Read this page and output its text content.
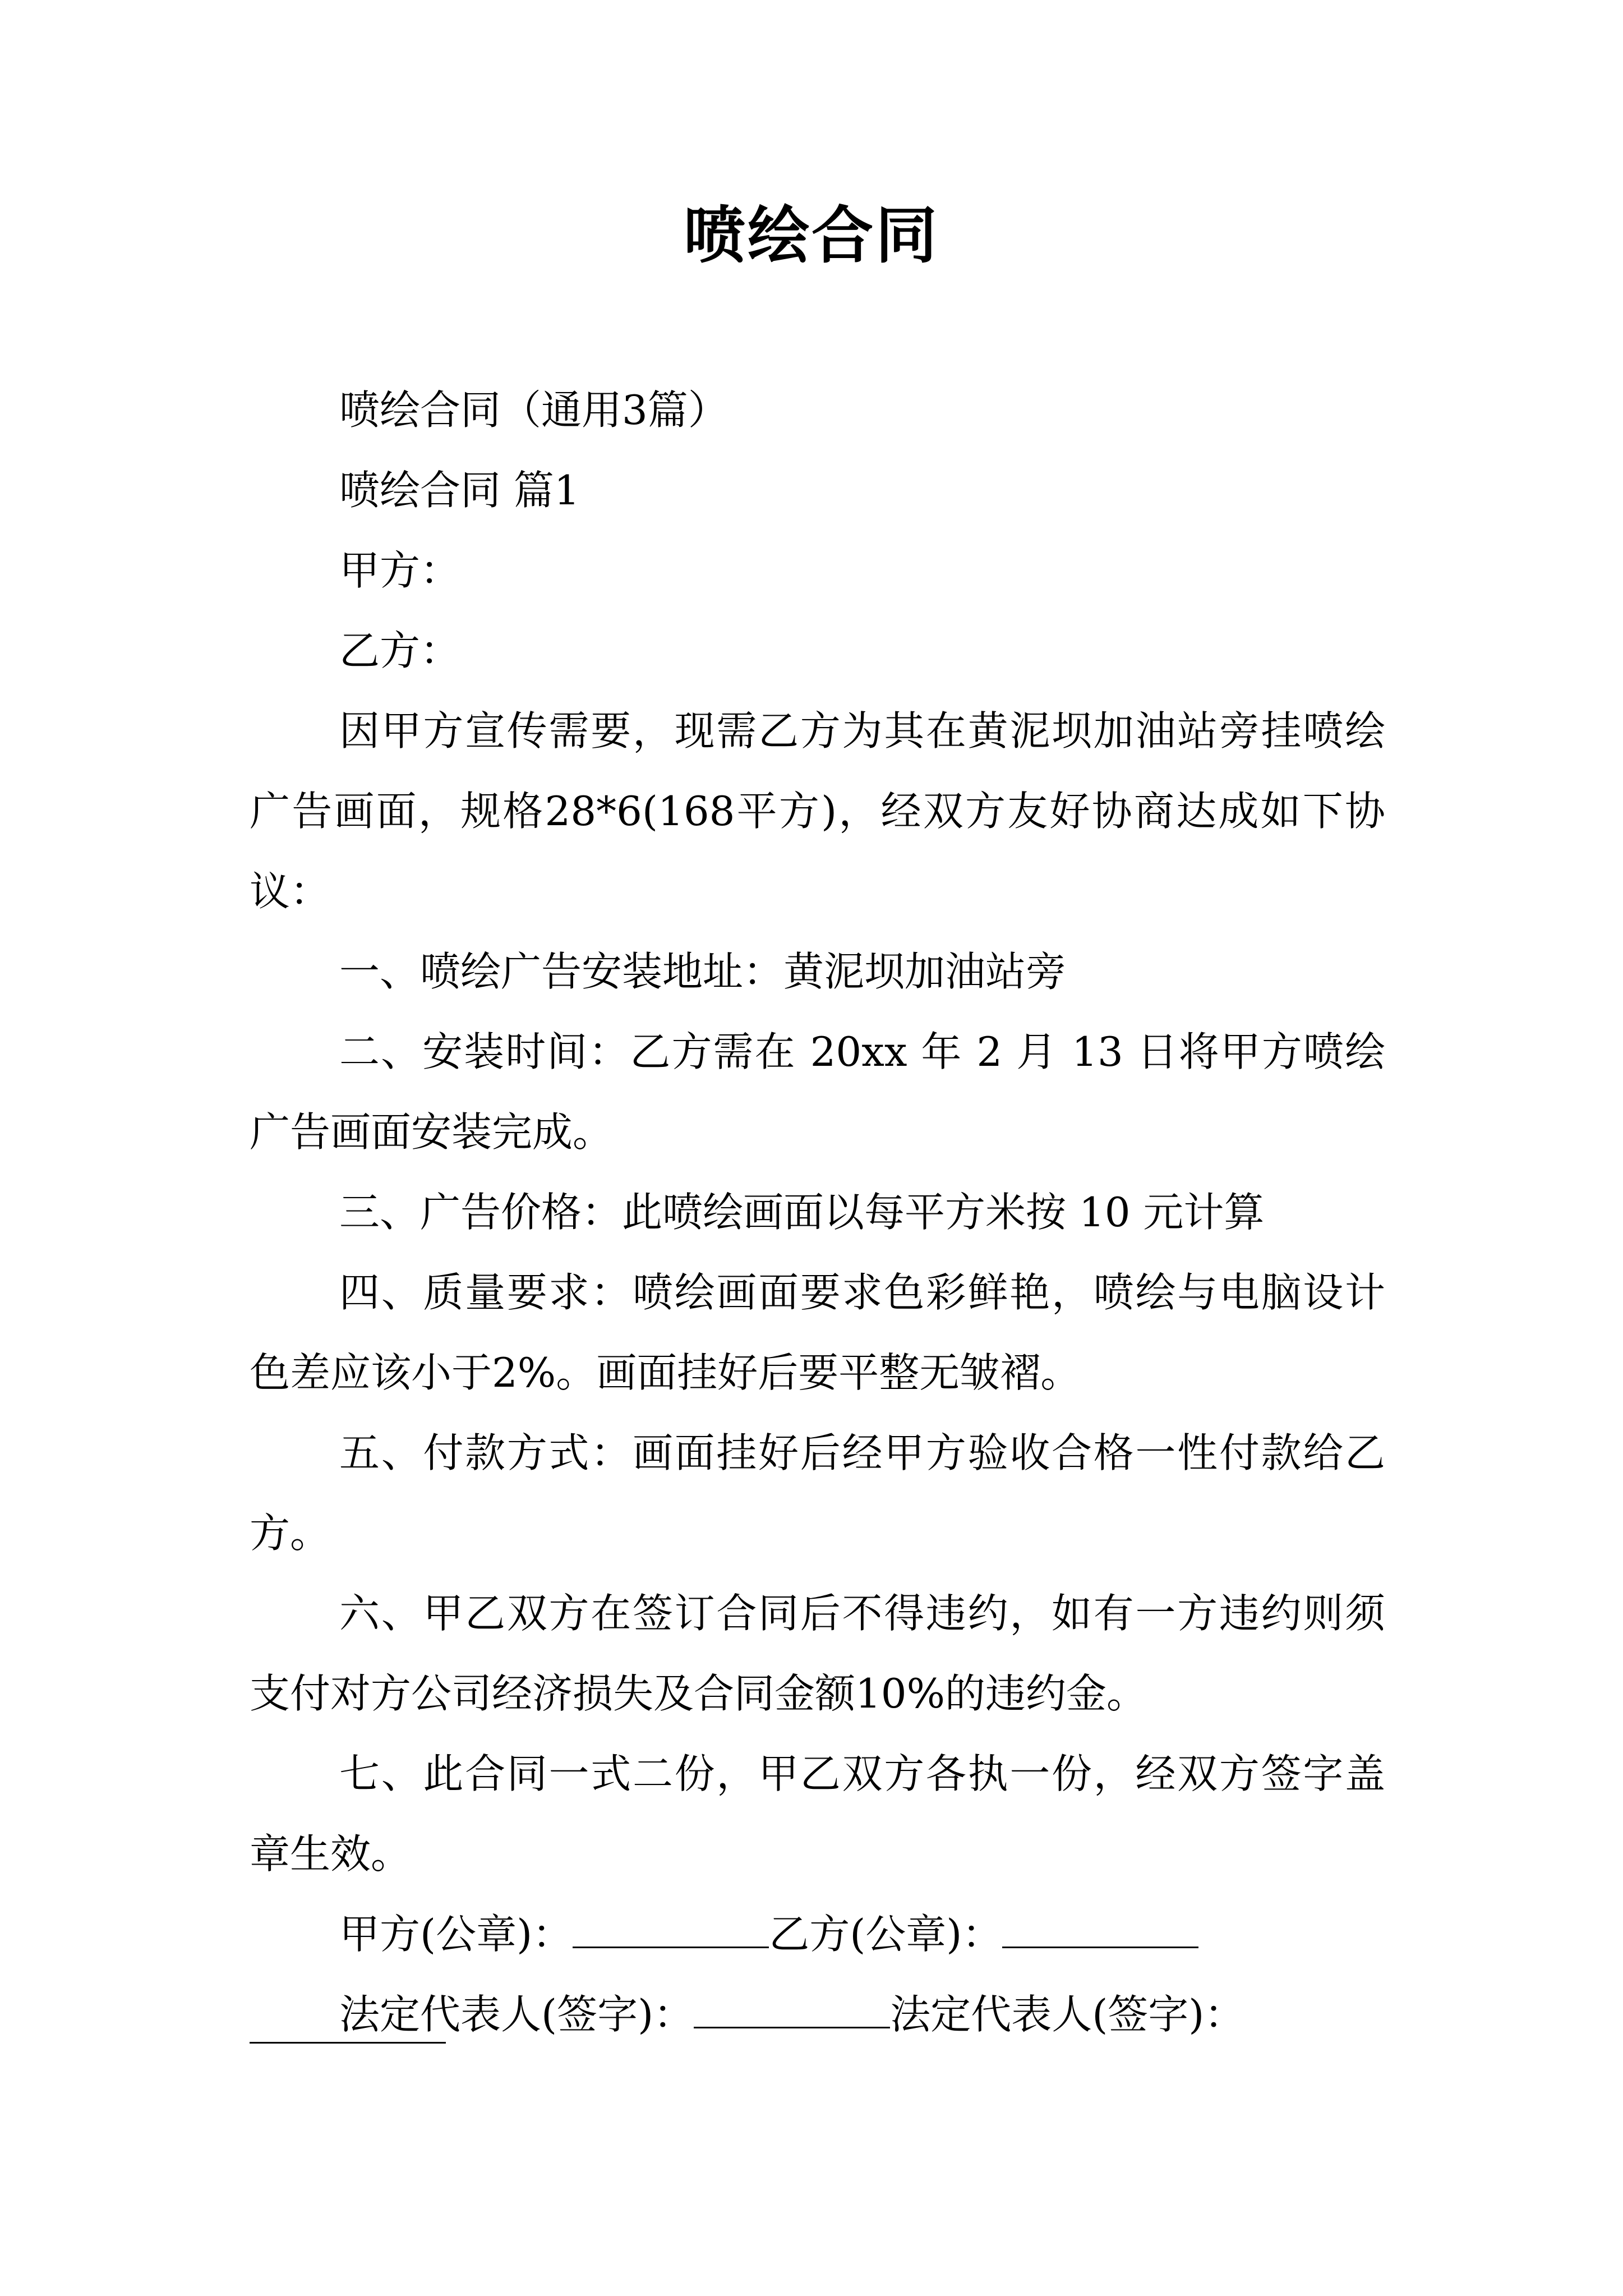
喷绘合同

喷绘合同（通用3篇）

喷绘合同 篇1

甲方：

乙方：

因甲方宣传需要，现需乙方为其在黄泥坝加油站旁挂喷绘广告画面，规格28*6(168平方)，经双方友好协商达成如下协议：

一、喷绘广告安装地址：黄泥坝加油站旁

二、安装时间：乙方需在 20xx 年 2 月 13 日将甲方喷绘广告画面安装完成。

三、广告价格：此喷绘画面以每平方米按 10 元计算

四、质量要求：喷绘画面要求色彩鲜艳，喷绘与电脑设计色差应该小于2%。画面挂好后要平整无皱褶。

五、付款方式：画面挂好后经甲方验收合格一性付款给乙方。

六、甲乙双方在签订合同后不得违约，如有一方违约则须支付对方公司经济损失及合同金额10%的违约金。

七、此合同一式二份，甲乙双方各执一份，经双方签字盖章生效。

甲方(公章)：	乙方(公章)：

法定代表人(签字)：	法定代表人(签字)：
